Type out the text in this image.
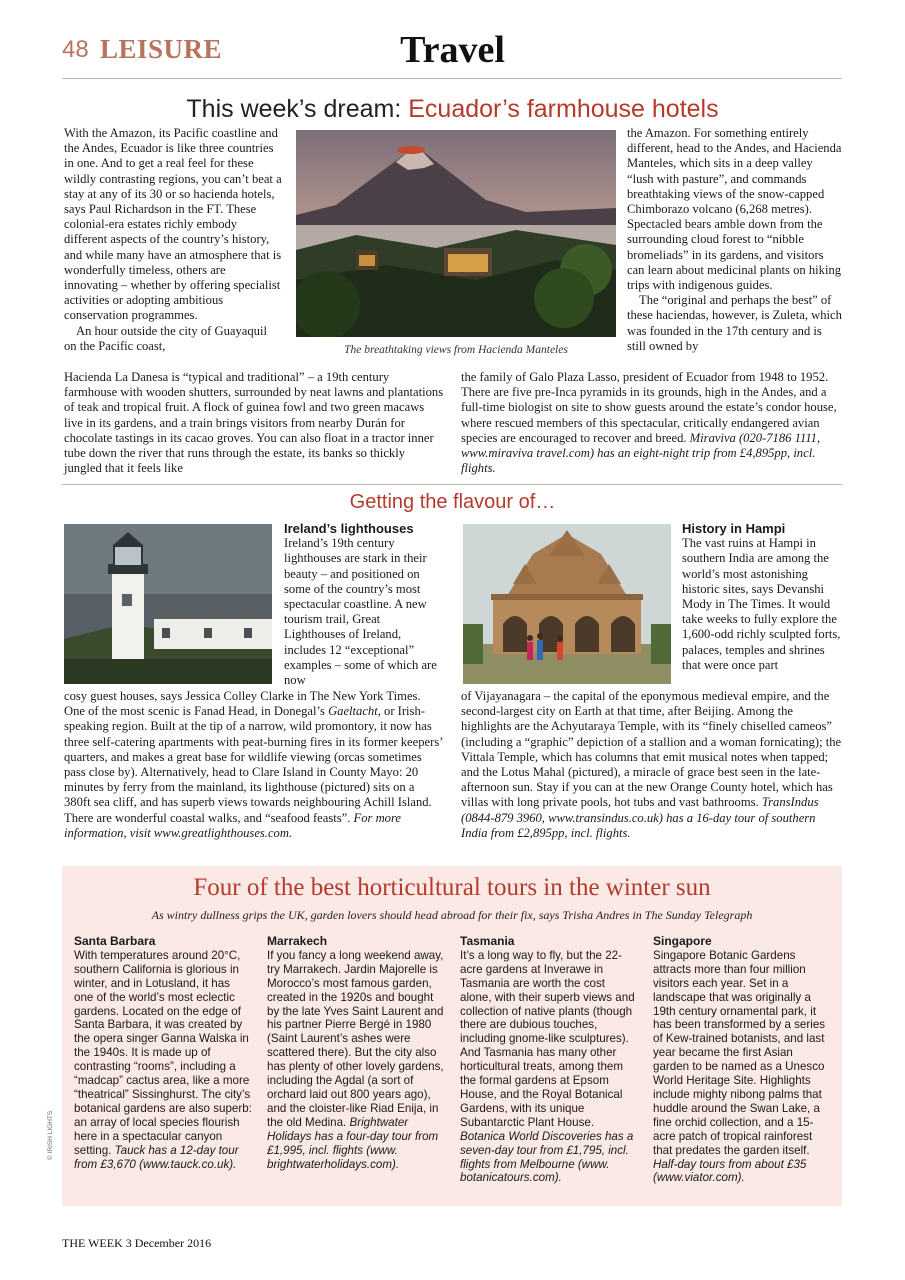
48 LEISURE	Travel
This week’s dream: Ecuador’s farmhouse hotels

With the Amazon, its Pacific coastline and the Andes, Ecuador is like three countries in one. And to get a real feel for these wildly contrasting regions, you can’t beat a stay at any of its 30 or so hacienda hotels, says Paul Richardson in the FT. These colonial-era estates richly embody different aspects of the country’s history, and while many have an atmosphere that is wonderfully timeless, others are innovating – whether by offering specialist activities or adopting ambitious conservation programmes.

An hour outside the city of Guayaquil on the Pacific coast,	The breathtaking views from Hacienda Manteles

the Amazon. For something entirely different, head to the Andes, and Hacienda Manteles, which sits in a deep valley “lush with pasture”, and commands breathtaking views of the snow-capped Chimborazo volcano (6,268 metres). Spectacled bears amble down from the surrounding cloud forest to “nibble bromeliads” in its gardens, and visitors can learn about medicinal plants on hiking trips with indigenous guides.

The “original and perhaps the best” of these haciendas, however, is Zuleta, which was founded in the 17th century and is still owned by

Hacienda La Danesa is “typical and traditional” – a 19th century farmhouse with wooden shutters, surrounded by neat lawns and plantations of teak and tropical fruit. A flock of guinea fowl and two green macaws live in its gardens, and a train brings visitors from nearby Durán for chocolate tastings in its cacao groves. You can also float in a tractor inner tube down the river that runs through the estate, its banks so thickly jungled that it feels like

the family of Galo Plaza Lasso, president of Ecuador from 1948 to 1952. There are five pre-Inca pyramids in its grounds, high in the Andes, and a full-time biologist on site to show guests around the estate’s condor house, where rescued members of this spectacular, critically endangered avian species are encouraged to recover and breed. Miraviva (020-7186 1111, www.miraviva travel.com) has an eight-night trip from £4,895pp, incl. flights.

Getting the flavour of…

Ireland’s lighthouses

Ireland’s 19th century lighthouses are stark in their beauty – and positioned on some of the country’s most spectacular coastline. A new tourism trail, Great Lighthouses of Ireland, includes 12 “exceptional” examples – some of which are now

cosy guest houses, says Jessica Colley Clarke in The New York Times. One of the most scenic is Fanad Head, in Donegal’s Gaeltacht, or Irish-speaking region. Built at the tip of a narrow, wild promontory, it now has three self-catering apartments with peat-burning fires in its former keepers’ quarters, and makes a great base for wildlife viewing (orcas sometimes pass close by). Alternatively, head to Clare Island in County Mayo: 20 minutes by ferry from the mainland, its lighthouse (pictured) sits on a 380ft sea cliff, and has superb views towards neighbouring Achill Island. There are wonderful coastal walks, and “seafood feasts”. For more information, visit www.greatlighthouses.com.

History in Hampi

The vast ruins at Hampi in southern India are among the world’s most astonishing historic sites, says Devanshi Mody in The Times. It would take weeks to fully explore the 1,600-odd richly sculpted forts, palaces, temples and shrines that were once part

of Vijayanagara – the capital of the eponymous medieval empire, and the second-largest city on Earth at that time, after Beijing. Among the highlights are the Achyutaraya Temple, with its “finely chiselled cameos” (including a “graphic” depiction of a stallion and a woman fornicating); the Vittala Temple, which has columns that emit musical notes when tapped; and the Lotus Mahal (pictured), a miracle of grace best seen in the late-afternoon sun. Stay if you can at the new Orange County hotel, which has villas with long private pools, hot tubs and vast bathrooms. TransIndus (0844-879 3960, www.transindus.co.uk) has a 16-day tour of southern India from £2,895pp, incl. flights.

Four of the best horticultural tours in the winter sun
As wintry dullness grips the UK, garden lovers should head abroad for their fix, says Trisha Andres in The Sunday Telegraph
Santa Barbara
With temperatures around 20°C, southern California is glorious in winter, and in Lotusland, it has one of the world’s most eclectic gardens. Located on the edge of Santa Barbara, it was created by the opera singer Ganna Walska in the 1940s. It is made up of contrasting “rooms”, including a “madcap” cactus area, like a more “theatrical” Sissinghurst. The city’s botanical gardens are also superb: an array of local species flourish here in a spectacular canyon setting. Tauck has a 12-day tour from £3,670 (www.tauck.co.uk).
Marrakech
If you fancy a long weekend away, try Marrakech. Jardin Majorelle is Morocco’s most famous garden, created in the 1920s and bought by the late Yves Saint Laurent and his partner Pierre Bergé in 1980 (Saint Laurent’s ashes were scattered there). But the city also has plenty of other lovely gardens, including the Agdal (a sort of orchard laid out 800 years ago), and the cloister-like Riad Enija, in the old Medina. Brightwater Holidays has a four-day tour from £1,995, incl. flights (www. brightwaterholidays.com).
Tasmania
It’s a long way to fly, but the 22-acre gardens at Inverawe in Tasmania are worth the cost alone, with their superb views and collection of native plants (though there are dubious touches, including gnome-like sculptures). And Tasmania has many other horticultural treats, among them the formal gardens at Epsom House, and the Royal Botanical Gardens, with its unique Subantarctic Plant House. Botanica World Discoveries has a seven-day tour from £1,795, incl. flights from Melbourne (www. botanicatours.com).
Singapore
Singapore Botanic Gardens attracts more than four million visitors each year. Set in a landscape that was originally a 19th century ornamental park, it has been transformed by a series of Kew-trained botanists, and last year became the first Asian garden to be named as a Unesco World Heritage Site. Highlights include mighty nibong palms that huddle around the Swan Lake, a fine orchid collection, and a 15-acre patch of tropical rainforest that predates the garden itself. Half-day tours from about £35 (www.viator.com).
© IRISH LIGHTS
THE WEEK 3 December 2016
